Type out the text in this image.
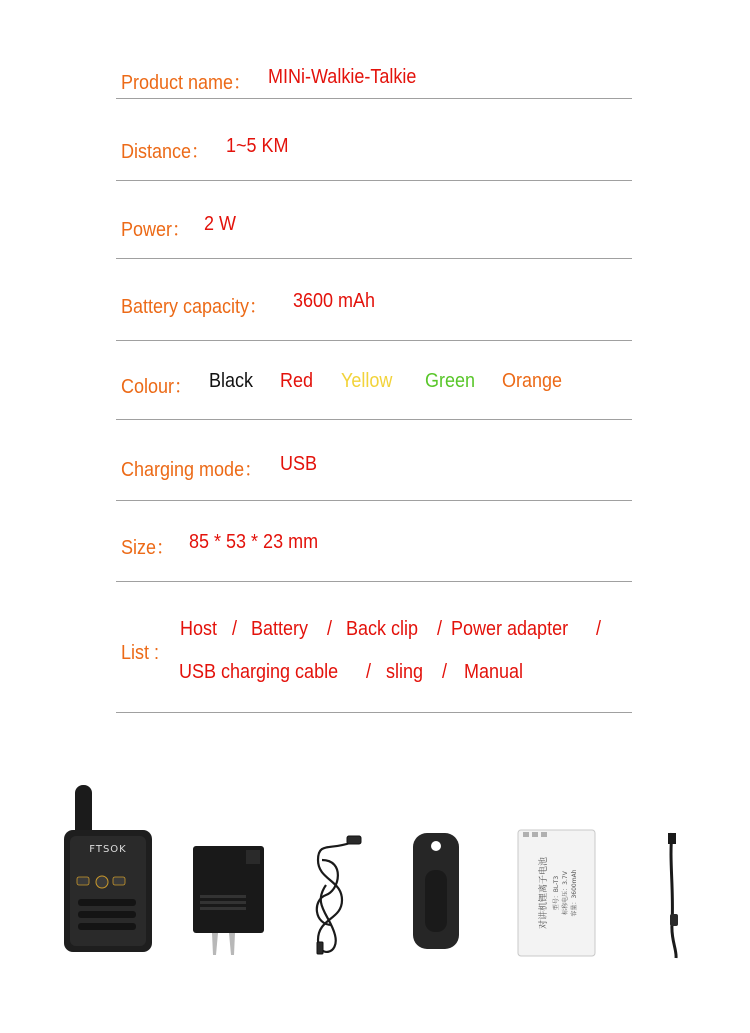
Product name： MINi-Walkie-Talkie
Distance： 1~5 KM
Power： 2 W
Battery capacity： 3600 mAh
Colour： Black Red Yellow Green Orange
Charging mode： USB
Size： 85 * 53 * 23 mm
List :
Host / Battery / Back clip / Power adapter /
USB charging cable / sling / Manual
FTSOK
对讲机锂离子电池 型号：BL-T3 标称电压：3.7V 容量：3600mAh
